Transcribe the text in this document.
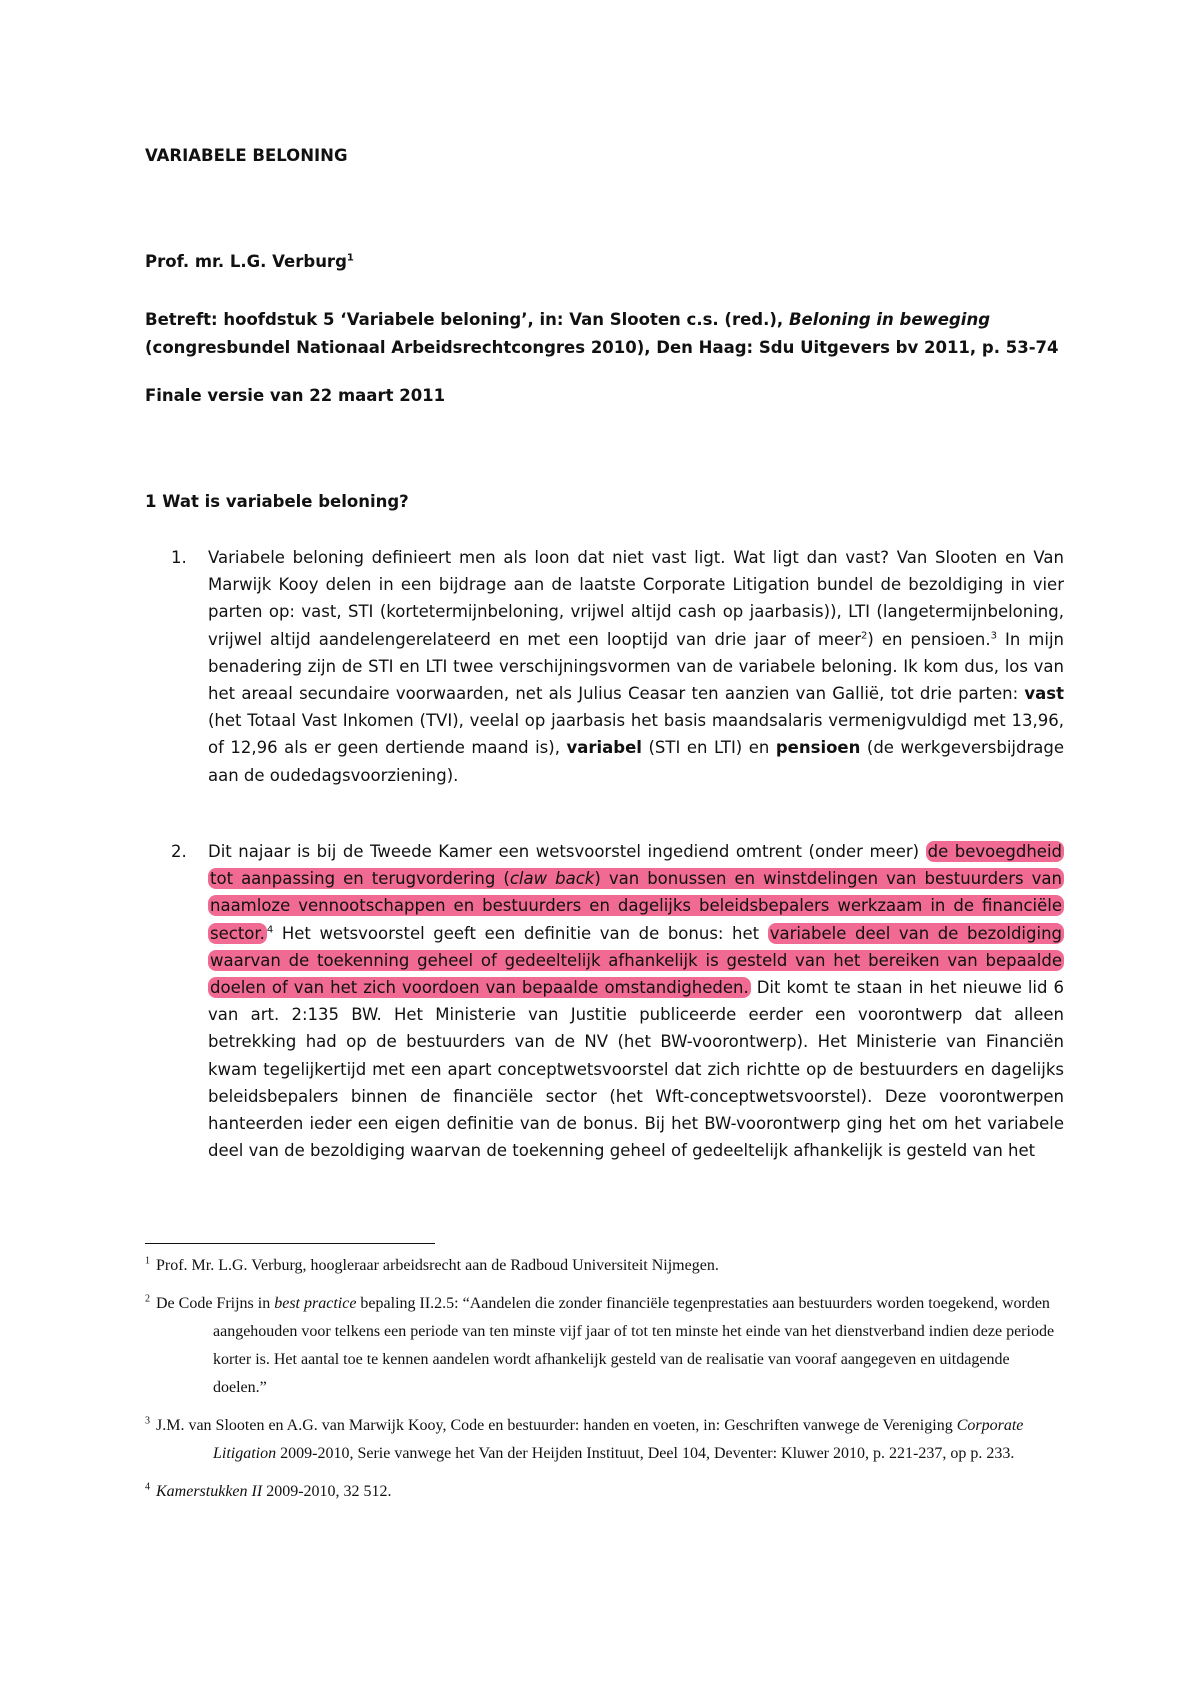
VARIABELE BELONING
Prof. mr. L.G. Verburg$^1$
Betreft: hoofdstuk 5 ‘Variabele beloning’, in: Van Slooten c.s. (red.), Beloning in beweging (congresbundel Nationaal Arbeidsrechtcongres 2010), Den Haag: Sdu Uitgevers bv 2011, p. 53-74
Finale versie van 22 maart 2011
1 Wat is variabele beloning?
1. Variabele beloning definieert men als loon dat niet vast ligt. Wat ligt dan vast? Van Slooten en Van Marwijk Kooy delen in een bijdrage aan de laatste Corporate Litigation bundel de bezoldiging in vier parten op: vast, STI (kortetermijnbeloning, vrijwel altijd cash op jaarbasis)), LTI (langetermijnbeloning, vrijwel altijd aandelengerelateerd en met een looptijd van drie jaar of meer$^2$) en pensioen.$^3$ In mijn benadering zijn de STI en LTI twee verschijningsvormen van de variabele beloning. Ik kom dus, los van het areaal secundaire voorwaarden, net als Julius Ceasar ten aanzien van Gallië, tot drie parten: vast (het Totaal Vast Inkomen (TVI), veelal op jaarbasis het basis maandsalaris vermenigvuldigd met 13,96, of 12,96 als er geen dertiende maand is), variabel (STI en LTI) en pensioen (de werkgeversbijdrage aan de oudedagsvoorziening).
2. Dit najaar is bij de Tweede Kamer een wetsvoorstel ingediend omtrent (onder meer) de bevoegdheid tot aanpassing en terugvordering (claw back) van bonussen en winstdelingen van bestuurders van naamloze vennootschappen en bestuurders en dagelijks beleidsbepalers werkzaam in de financiële sector. $^4$ Het wetsvoorstel geeft een definitie van de bonus: het variabele deel van de bezoldiging waarvan de toekenning geheel of gedeeltelijk afhankelijk is gesteld van het bereiken van bepaalde doelen of van het zich voordoen van bepaalde omstandigheden. Dit komt te staan in het nieuwe lid 6 van art. 2:135 BW. Het Ministerie van Justitie publiceerde eerder een voorontwerp dat alleen betrekking had op de bestuurders van de NV (het BW-voorontwerp). Het Ministerie van Financiën kwam tegelijkertijd met een apart conceptwetsvoorstel dat zich richtte op de bestuurders en dagelijks beleidsbepalers binnen de financiële sector (het Wft-conceptwetsvoorstel). Deze voorontwerpen hanteerden ieder een eigen definitie van de bonus. Bij het BW-voorontwerp ging het om het variabele deel van de bezoldiging waarvan de toekenning geheel of gedeeltelijk afhankelijk is gesteld van het
$^1$ Prof. Mr. L.G. Verburg, hoogleraar arbeidsrecht aan de Radboud Universiteit Nijmegen.
$^2$ De Code Frijns in best practice bepaling II.2.5: “Aandelen die zonder financiële tegenprestaties aan bestuurders worden toegekend, worden aangehouden voor telkens een periode van ten minste vijf jaar of tot ten minste het einde van het dienstverband indien deze periode korter is. Het aantal toe te kennen aandelen wordt afhankelijk gesteld van de realisatie van vooraf aangegeven en uitdagende doelen.”
$^3$ J.M. van Slooten en A.G. van Marwijk Kooy, Code en bestuurder: handen en voeten, in: Geschriften vanwege de Vereniging Corporate Litigation 2009-2010, Serie vanwege het Van der Heijden Instituut, Deel 104, Deventer: Kluwer 2010, p. 221-237, op p. 233.
$^4$ Kamerstukken II 2009-2010, 32 512.
